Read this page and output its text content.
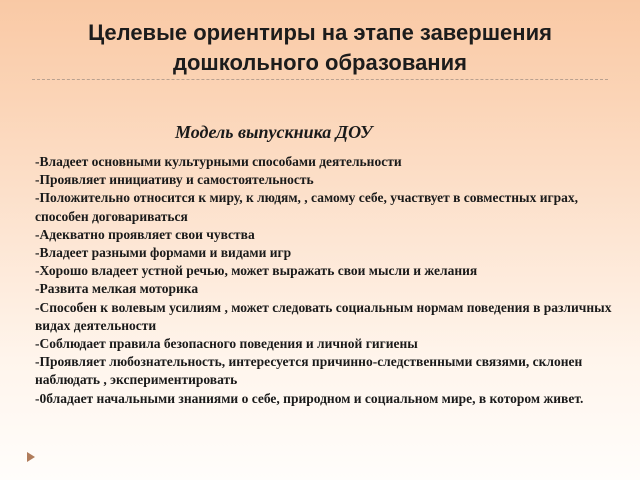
Целевые ориентиры на этапе завершения дошкольного образования
Модель выпускника ДОУ
-Владеет основными культурными способами деятельности
-Проявляет инициативу и самостоятельность
-Положительно относится к миру, к людям, , самому себе, участвует в совместных играх, способен договариваться
-Адекватно проявляет свои чувства
-Владеет разными формами и видами игр
-Хорошо владеет устной речью, может выражать свои мысли и желания
-Развита мелкая моторика
-Способен к волевым усилиям , может следовать социальным нормам поведения в различных видах деятельности
-Соблюдает правила безопасного поведения и личной гигиены
-Проявляет любознательность, интересуется причинно-следственными связями, склонен наблюдать , экспериментировать
-0бладает начальными знаниями о себе, природном и социальном мире, в котором живет.
